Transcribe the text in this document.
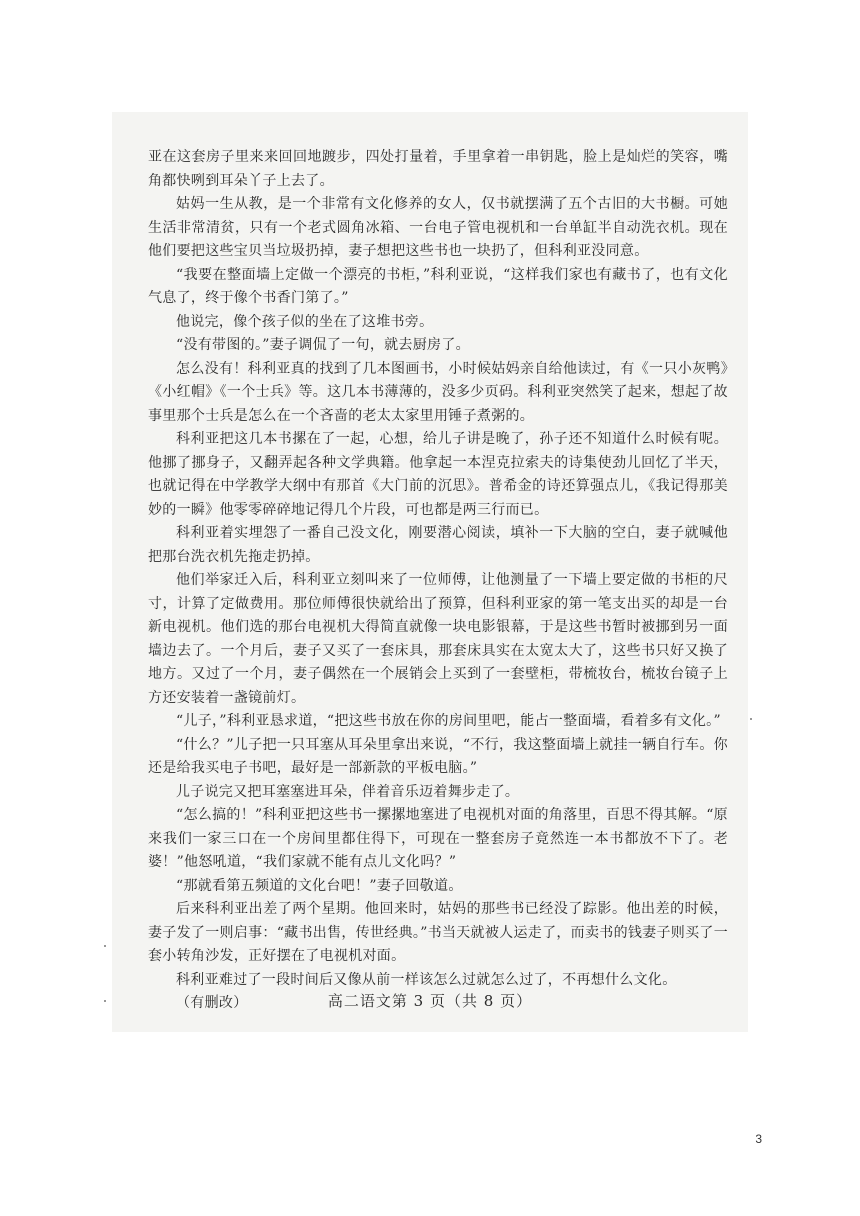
亚在这套房子里来来回回地踱步，四处打量着，手里拿着一串钥匙，脸上是灿烂的笑容，嘴角都快咧到耳朵丫子上去了。

姑妈一生从教，是一个非常有文化修养的女人，仅书就摆满了五个古旧的大书橱。可她生活非常清贫，只有一个老式圆角冰箱、一台电子管电视机和一台单缸半自动洗衣机。现在他们要把这些宝贝当垃圾扔掉，妻子想把这些书也一块扔了，但科利亚没同意。

“我要在整面墙上定做一个漂亮的书柜，”科利亚说，“这样我们家也有藏书了，也有文化气息了，终于像个书香门第了。”

他说完，像个孩子似的坐在了这堆书旁。

“没有带图的。”妻子调侃了一句，就去厨房了。

怎么没有！科利亚真的找到了几本图画书，小时候姑妈亲自给他读过，有《一只小灰鸭》《小红帽》《一个士兵》等。这几本书薄薄的，没多少页码。科利亚突然笑了起来，想起了故事里那个士兵是怎么在一个吝啬的老太太家里用锤子煮粥的。

科利亚把这几本书摞在了一起，心想，给儿子讲是晚了，孙子还不知道什么时候有呢。他挪了挪身子，又翻弄起各种文学典籍。他拿起一本涅克拉索夫的诗集使劲儿回忆了半天，也就记得在中学教学大纲中有那首《大门前的沉思》。普希金的诗还算强点儿，《我记得那美妙的一瞬》他零零碎碎地记得几个片段，可也都是两三行而已。

科利亚着实埋怨了一番自己没文化，刚要潜心阅读，填补一下大脑的空白，妻子就喊他把那台洗衣机先拖走扔掉。

他们举家迁入后，科利亚立刻叫来了一位师傅，让他测量了一下墙上要定做的书柜的尺寸，计算了定做费用。那位师傅很快就给出了预算，但科利亚家的第一笔支出买的却是一台新电视机。他们选的那台电视机大得简直就像一块电影银幕，于是这些书暂时被挪到另一面墙边去了。一个月后，妻子又买了一套床具，那套床具实在太宽太大了，这些书只好又换了地方。又过了一个月，妻子偶然在一个展销会上买到了一套壁柜，带梳妆台，梳妆台镜子上方还安装着一盏镜前灯。

“儿子，”科利亚恳求道，“把这些书放在你的房间里吧，能占一整面墙，看着多有文化。”

“什么？”儿子把一只耳塞从耳朵里拿出来说，“不行，我这整面墙上就挂一辆自行车。你还是给我买电子书吧，最好是一部新款的平板电脑。”

儿子说完又把耳塞塞进耳朵，伴着音乐迈着舞步走了。

“怎么搞的！”科利亚把这些书一摞摞地塞进了电视机对面的角落里，百思不得其解。“原来我们一家三口在一个房间里都住得下，可现在一整套房子竟然连一本书都放不下了。老婆！”他怒吼道，“我们家就不能有点儿文化吗？”

“那就看第五频道的文化台吧！”妻子回敬道。

后来科利亚出差了两个星期。他回来时，姑妈的那些书已经没了踪影。他出差的时候，妻子发了一则启事：“藏书出售，传世经典。”书当天就被人运走了，而卖书的钱妻子则买了一套小转角沙发，正好摆在了电视机对面。

科利亚难过了一段时间后又像从前一样该怎么过就怎么过了，不再想什么文化。

（有删改）	高二语文第 3 页（共 8 页）
3
